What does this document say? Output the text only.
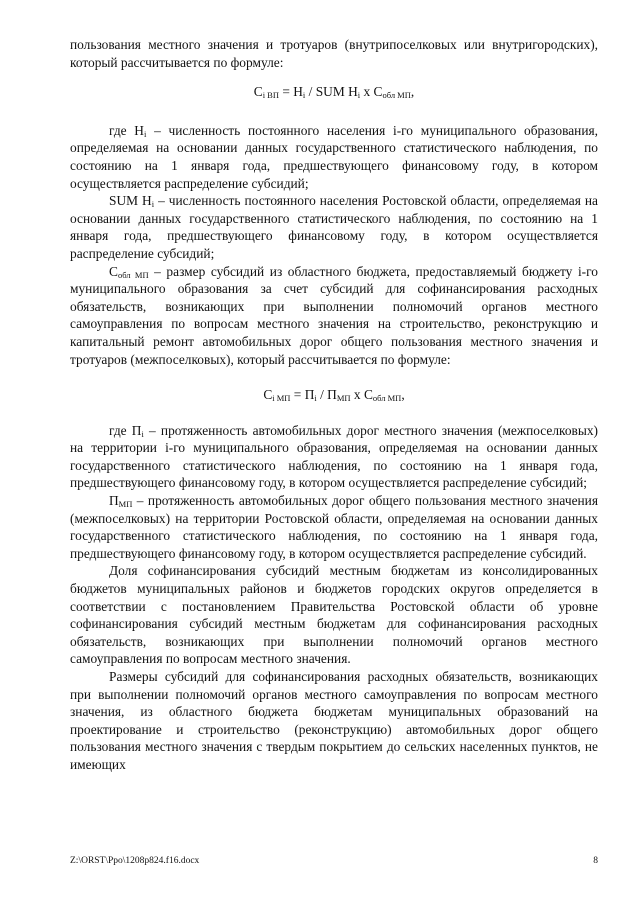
пользования местного значения и тротуаров (внутрипоселковых или внутригородских), который рассчитывается по формуле:

$C_{i ВП} = H_i$ / SUM $H_i$ x $C_{обл МП}$,

где $H_i$ – численность постоянного населения i-го муниципального образования, определяемая на основании данных государственного статистического наблюдения, по состоянию на 1 января года, предшествующего финансовому году, в котором осуществляется распределение субсидий;

SUM $H_i$ – численность постоянного населения Ростовской области, определяемая на основании данных государственного статистического наблюдения, по состоянию на 1 января года, предшествующего финансовому году, в котором осуществляется распределение субсидий;

$C_{обл МП}$ – размер субсидий из областного бюджета, предоставляемый бюджету i-го муниципального образования за счет субсидий для софинансирования расходных обязательств, возникающих при выполнении полномочий органов местного самоуправления по вопросам местного значения на строительство, реконструкцию и капитальный ремонт автомобильных дорог общего пользования местного значения и тротуаров (межпоселковых), который рассчитывается по формуле:

$C_{i МП} = П_i / П_{МП}$ x $C_{обл МП}$,

где $П_i$ – протяженность автомобильных дорог местного значения (межпоселковых) на территории i-го муниципального образования, определяемая на основании данных государственного статистического наблюдения, по состоянию на 1 января года, предшествующего финансовому году, в котором осуществляется распределение субсидий;

$П_{МП}$ – протяженность автомобильных дорог общего пользования местного значения (межпоселковых) на территории Ростовской области, определяемая на основании данных государственного статистического наблюдения, по состоянию на 1 января года, предшествующего финансовому году, в котором осуществляется распределение субсидий.

Доля софинансирования субсидий местным бюджетам из консолидированных бюджетов муниципальных районов и бюджетов городских округов определяется в соответствии с постановлением Правительства Ростовской области об уровне софинансирования субсидий местным бюджетам для софинансирования расходных обязательств, возникающих при выполнении полномочий органов местного самоуправления по вопросам местного значения.

Размеры субсидий для софинансирования расходных обязательств, возникающих при выполнении полномочий органов местного самоуправления по вопросам местного значения, из областного бюджета бюджетам муниципальных образований на проектирование и строительство (реконструкцию) автомобильных дорог общего пользования местного значения с твердым покрытием до сельских населенных пунктов, не имеющих

Z:\ORST\Ppo\1208p824.f16.docx	8
